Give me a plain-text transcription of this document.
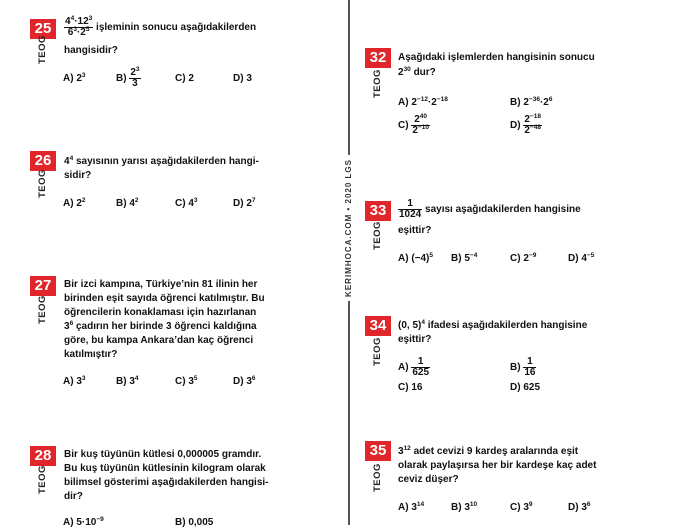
KERIMHOCA.COM • 2020 LGS
25
TEOG
$\frac{4^4\cdot 12^3}{6^3\cdot 2^5}$ işleminin sonucu aşağıdakilerden
hangisidir?
A) $2^3$	$B) \frac{2^3}{3}$	C) 2	D) 3
26
TEOG
$4^4$ sayısının yarısı aşağıdakilerden hangi-
sidir?
A) $2^2$	B) $4^2$	C) $4^3$	D) $2^7$
27
TEOG
Bir izci kampına, Türkiye’nin 81 ilinin her
birinden eşit sayıda öğrenci katılmıştır. Bu
öğrencilerin konaklaması için hazırlanan
$3^6$ çadırın her birinde 3 öğrenci kaldığına
göre, bu kampa Ankara’dan kaç öğrenci
katılmıştır?
A) $3^3$	B) $3^4$	C) $3^5$	D) $3^6$
28
TEOG
Bir kuş tüyünün kütlesi 0,000005 gramdır.
Bu kuş tüyünün kütlesinin kilogram olarak
bilimsel gösterimi aşağıdakilerden hangisi-
dir?
A) $5\cdot 10^{-9}$	B) 0,005
32
TEOG
Aşağıdaki işlemlerden hangisinin sonucu
$2^{30}$ dur?
A) $2^{-12}\cdot 2^{-18}$	B) $2^{-36}\cdot 2^6$
$C) \frac{2^{40}}{2^{-10}}$	$D) \frac{2^{-18}}{2^{-48}}$
33
TEOG
$\frac{1}{1024}$ sayısı aşağıdakilerden hangisine
eşittir?
A) $(-4)^5$ B) $5^{-4}$	C) $2^{-9}$	D) $4^{-5}$
34
TEOG
(0, 5)$^4$ ifadesi aşağıdakilerden hangisine
eşittir?
$A) \frac{1}{625}$	$B) \frac{1}{16}$
C) 16	D) 625
35
TEOG
$3^{12}$ adet cevizi 9 kardeş aralarında eşit
olarak paylaşırsa her bir kardeşe kaç adet
ceviz düşer?
A) $3^{14}$	B) $3^{10}$	C) $3^9$	D) $3^6$
